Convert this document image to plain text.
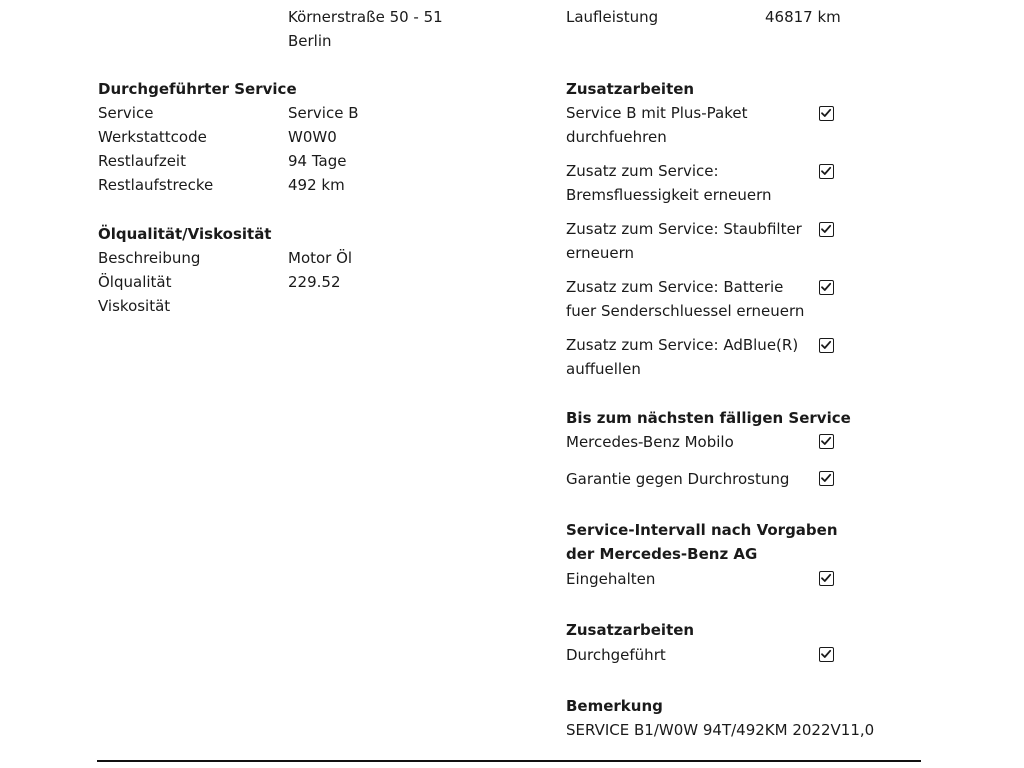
Körnerstraße 50 - 51
Berlin
Laufleistung	46817 km
Durchgeführter Service
Service	Service B
Werkstattcode	W0W0
Restlaufzeit	94 Tage
Restlaufstrecke	492 km
Ölqualität/Viskosität
Beschreibung	Motor Öl
Ölqualität	229.52
Viskosität
Zusatzarbeiten
Service B mit Plus-Paket durchfuehren
Zusatz zum Service: Bremsfluessigkeit erneuern
Zusatz zum Service: Staubfilter erneuern
Zusatz zum Service: Batterie fuer Senderschluessel erneuern
Zusatz zum Service: AdBlue(R) auffuellen
Bis zum nächsten fälligen Service
Mercedes-Benz Mobilo
Garantie gegen Durchrostung
Service-Intervall nach Vorgaben der Mercedes-Benz AG
Eingehalten
Zusatzarbeiten
Durchgeführt
Bemerkung
SERVICE B1/W0W 94T/492KM 2022V11,0
